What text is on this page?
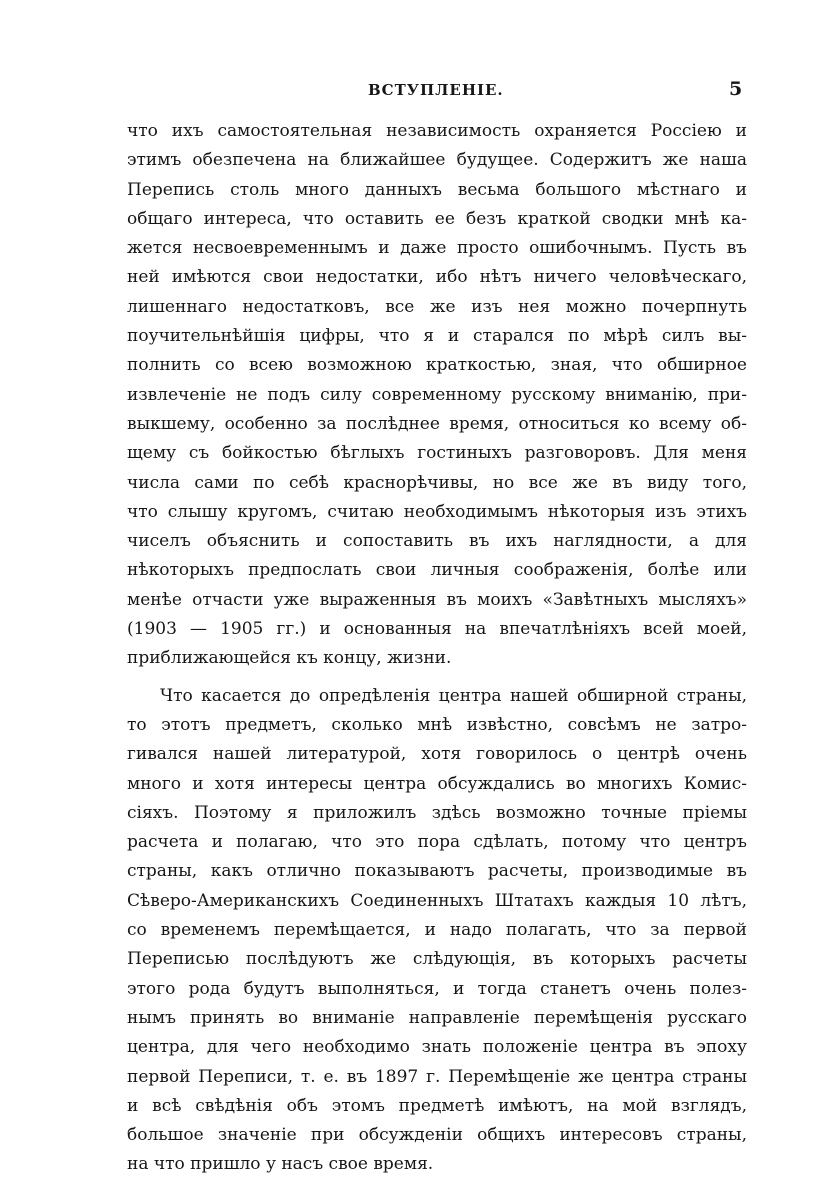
ВСТУПЛЕНІЕ.	5

что ихъ самостоятельная независимость охраняется Россіею и
этимъ обезпечена на ближайшее будущее. Содержитъ же наша
Перепись столь много данныхъ весьма большого мѣстнаго и
общаго интереса, что оставить ее безъ краткой сводки мнѣ ка-
жется несвоевременнымъ и даже просто ошибочнымъ. Пусть въ
ней имѣются свои недостатки, ибо нѣтъ ничего человѣческаго,
лишеннаго недостатковъ, все же изъ нея можно почерпнуть
поучительнѣйшія цифры, что я и старался по мѣрѣ силъ вы-
полнить со всею возможною краткостью, зная, что обширное
извлеченіе не подъ силу современному русскому вниманію, при-
выкшему, особенно за послѣднее время, относиться ко всему об-
щему съ бойкостью бѣглыхъ гостиныхъ разговоровъ. Для меня
числа сами по себѣ краснорѣчивы, но все же въ виду того,
что слышу кругомъ, считаю необходимымъ нѣкоторыя изъ этихъ
чиселъ объяснить и сопоставить въ ихъ наглядности, а для
нѣкоторыхъ предпослать свои личныя соображенія, болѣе или
менѣе отчасти уже выраженныя въ моихъ «Завѣтныхъ мысляхъ»
(1903 — 1905 гг.) и основанныя на впечатлѣніяхъ всей моей,
приближающейся къ концу, жизни.

Что касается до опредѣленія центра нашей обширной страны,
то этотъ предметъ, сколько мнѣ извѣстно, совсѣмъ не затро-
гивался нашей литературой, хотя говорилось о центрѣ очень
много и хотя интересы центра обсуждались во многихъ Комис-
сіяхъ. Поэтому я приложилъ здѣсь возможно точные пріемы
расчета и полагаю, что это пора сдѣлать, потому что центръ
страны, какъ отлично показываютъ расчеты, производимые въ
Сѣверо-Американскихъ Соединенныхъ Штатахъ каждыя 10 лѣтъ,
со временемъ перемѣщается, и надо полагать, что за первой
Переписью послѣдуютъ же слѣдующія, въ которыхъ расчеты
этого рода будутъ выполняться, и тогда станетъ очень полез-
нымъ принять во вниманіе направленіе перемѣщенія русскаго
центра, для чего необходимо знать положеніе центра въ эпоху
первой Переписи, т. е. въ 1897 г. Перемѣщеніе же центра страны
и всѣ свѣдѣнія объ этомъ предметѣ имѣютъ, на мой взглядъ,
большое значеніе при обсужденіи общихъ интересовъ страны,
на что пришло у насъ свое время.
